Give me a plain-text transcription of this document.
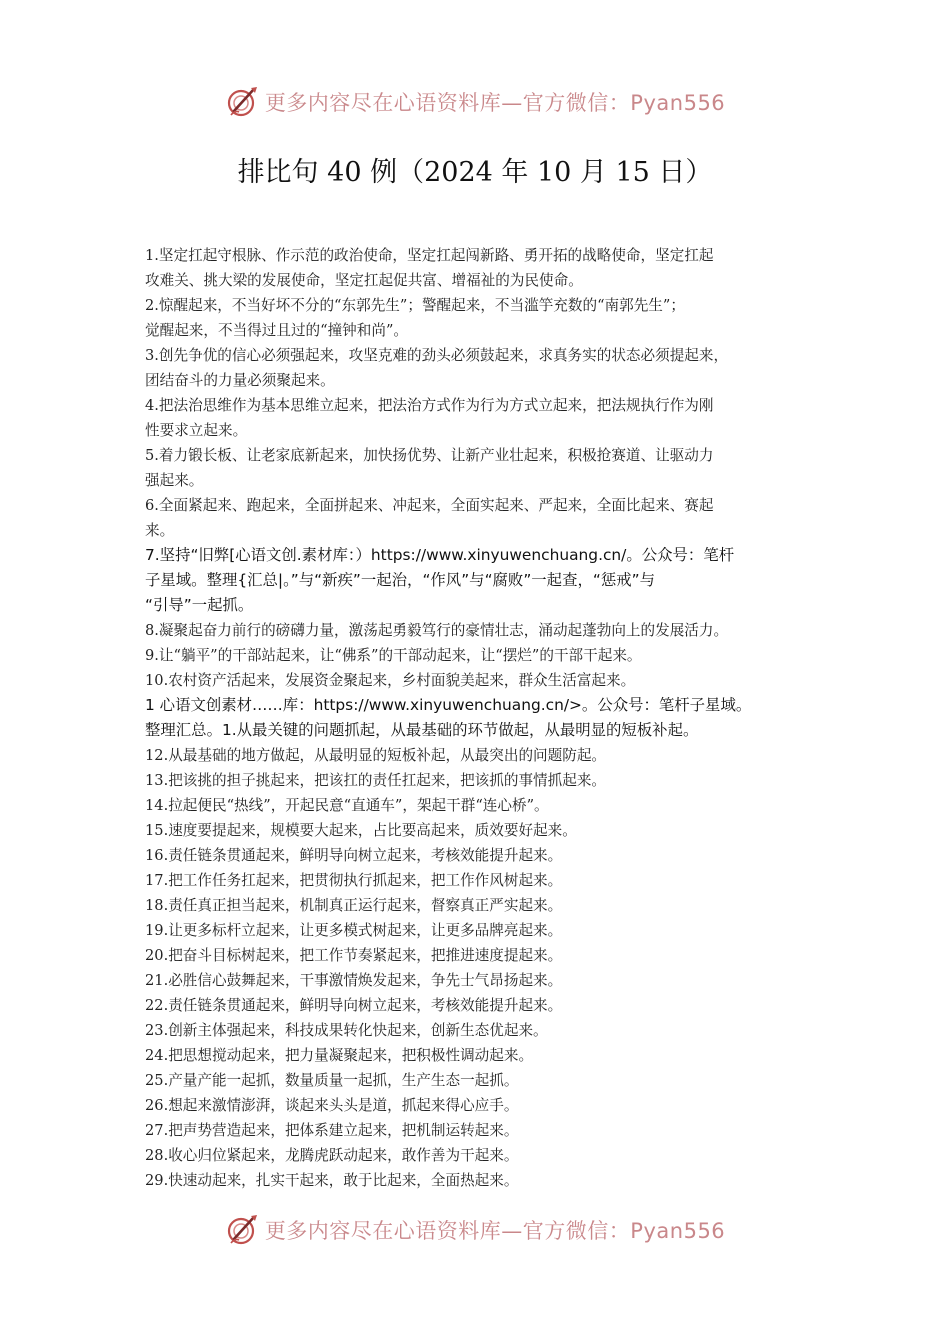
更多内容尽在心语资料库—官方微信：Pyan556
排比句 40 例（2024 年 10 月 15 日）
1.坚定扛起守根脉、作示范的政治使命，坚定扛起闯新路、勇开拓的战略使命，坚定扛起
攻难关、挑大梁的发展使命，坚定扛起促共富、增福祉的为民使命。
2.惊醒起来，不当好坏不分的“东郭先生”；警醒起来，不当滥竽充数的“南郭先生”；
觉醒起来，不当得过且过的“撞钟和尚”。
3.创先争优的信心必须强起来，攻坚克难的劲头必须鼓起来，求真务实的状态必须提起来，
团结奋斗的力量必须聚起来。
4.把法治思维作为基本思维立起来，把法治方式作为行为方式立起来，把法规执行作为刚
性要求立起来。
5.着力锻长板、让老家底新起来，加快扬优势、让新产业壮起来，积极抢赛道、让驱动力
强起来。
6.全面紧起来、跑起来，全面拼起来、冲起来，全面实起来、严起来，全面比起来、赛起
来。
7.坚持“旧弊[心语文创.素材库：）https://www.xinyuwenchuang.cn/。公众号：笔杆
子星域。整理{汇总|。”与“新疾”一起治，“作风”与“腐败”一起查，“惩戒”与
“引导”一起抓。
8.凝聚起奋力前行的磅礴力量，激荡起勇毅笃行的豪情壮志，涌动起蓬勃向上的发展活力。
9.让“躺平”的干部站起来，让“佛系”的干部动起来，让“摆烂”的干部干起来。
10.农村资产活起来，发展资金聚起来，乡村面貌美起来，群众生活富起来。
1 心语文创素材……库：https://www.xinyuwenchuang.cn/>。公众号：笔杆子星域。
整理汇总。1.从最关键的问题抓起，从最基础的环节做起，从最明显的短板补起。
12.从最基础的地方做起，从最明显的短板补起，从最突出的问题防起。
13.把该挑的担子挑起来，把该扛的责任扛起来，把该抓的事情抓起来。
14.拉起便民“热线”，开起民意“直通车”，架起干群“连心桥”。
15.速度要提起来，规模要大起来，占比要高起来，质效要好起来。
16.责任链条贯通起来，鲜明导向树立起来，考核效能提升起来。
17.把工作任务扛起来，把贯彻执行抓起来，把工作作风树起来。
18.责任真正担当起来，机制真正运行起来，督察真正严实起来。
19.让更多标杆立起来，让更多模式树起来，让更多品牌亮起来。
20.把奋斗目标树起来，把工作节奏紧起来，把推进速度提起来。
21.必胜信心鼓舞起来，干事激情焕发起来，争先士气昂扬起来。
22.责任链条贯通起来，鲜明导向树立起来，考核效能提升起来。
23.创新主体强起来，科技成果转化快起来，创新生态优起来。
24.把思想搅动起来，把力量凝聚起来，把积极性调动起来。
25.产量产能一起抓，数量质量一起抓，生产生态一起抓。
26.想起来激情澎湃，谈起来头头是道，抓起来得心应手。
27.把声势营造起来，把体系建立起来，把机制运转起来。
28.收心归位紧起来，龙腾虎跃动起来，敢作善为干起来。
29.快速动起来，扎实干起来，敢于比起来，全面热起来。
更多内容尽在心语资料库—官方微信：Pyan556
